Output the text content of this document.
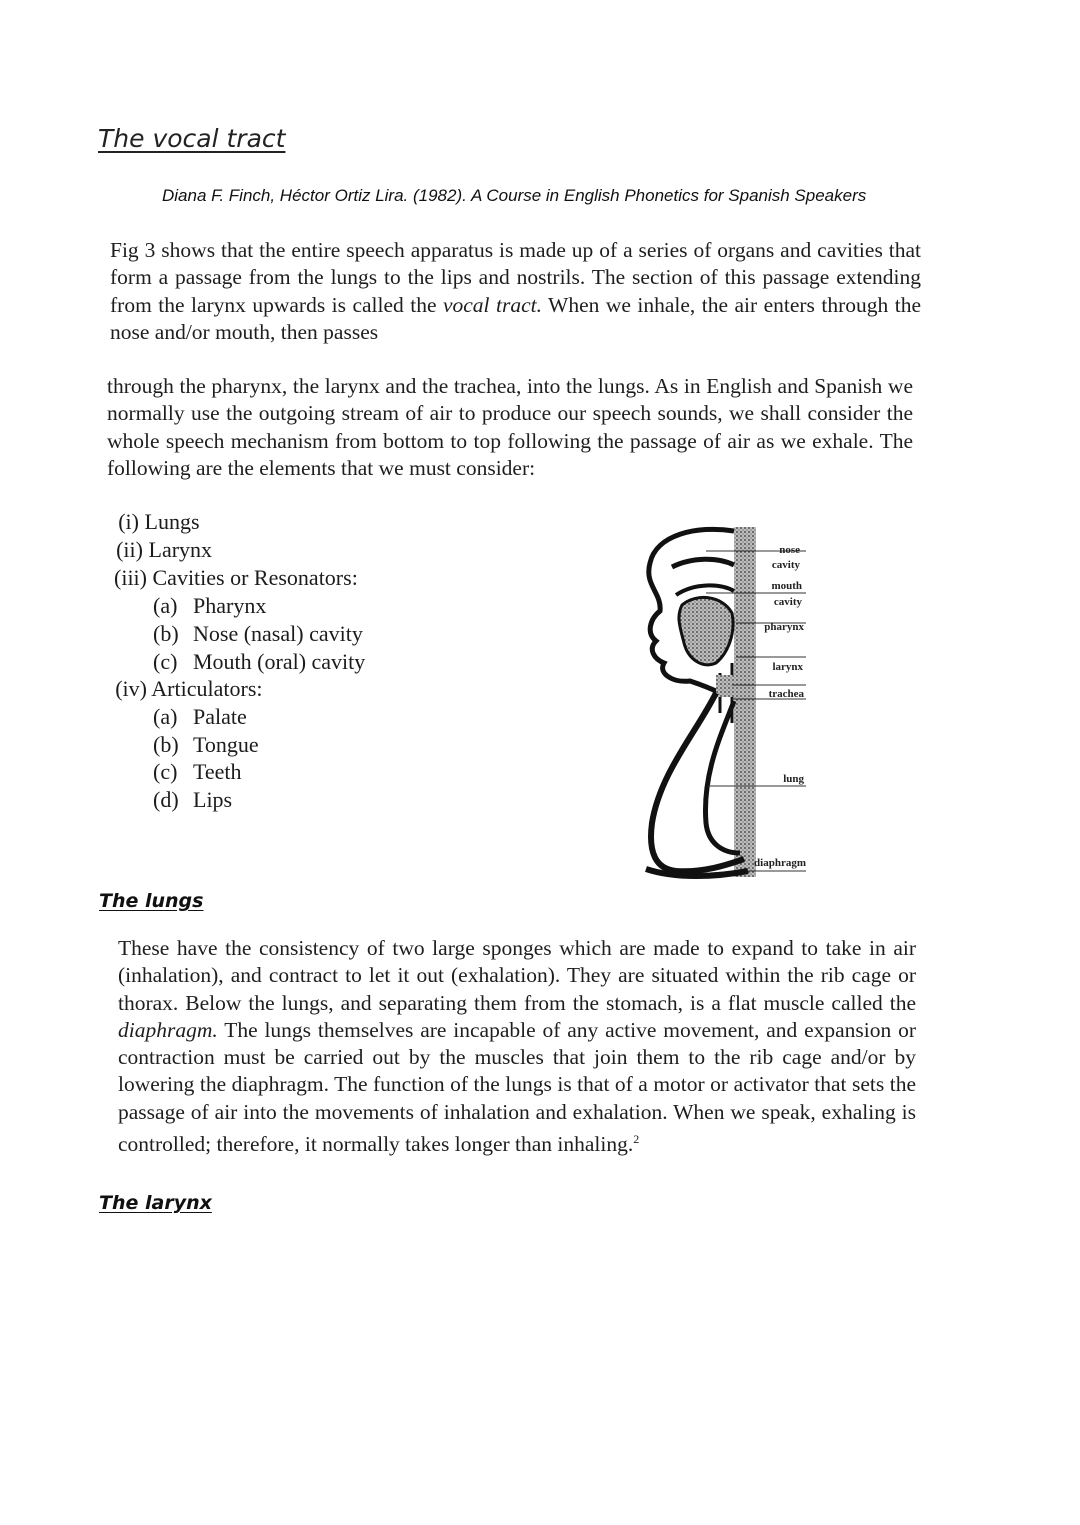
The vocal tract
Diana F. Finch, Héctor Ortiz Lira. (1982). A Course in English Phonetics for Spanish Speakers
Fig 3 shows that the entire speech apparatus is made up of a series of organs and cavities that form a passage from the lungs to the lips and nostrils. The section of this passage extending from the larynx upwards is called the vocal tract. When we inhale, the air enters through the nose and/or mouth, then passes
through the pharynx, the larynx and the trachea, into the lungs. As in English and Spanish we normally use the outgoing stream of air to produce our speech sounds, we shall consider the whole speech mechanism from bottom to top following the passage of air as we exhale. The following are the elements that we must consider:
(i) Lungs
(ii) Larynx
(iii) Cavities or Resonators:
(a) Pharynx
(b) Nose (nasal) cavity
(c) Mouth (oral) cavity
(iv) Articulators:
(a) Palate
(b) Tongue
(c) Teeth
(d) Lips
nose
cavity
mouth
cavity
pharynx
larynx
trachea
lung
diaphragm
The lungs
These have the consistency of two large sponges which are made to expand to take in air (inhalation), and contract to let it out (exhalation). They are situated within the rib cage or thorax. Below the lungs, and separating them from the stomach, is a flat muscle called the diaphragm. The lungs themselves are incapable of any active movement, and expansion or contraction must be carried out by the muscles that join them to the rib cage and/or by lowering the diaphragm. The function of the lungs is that of a motor or activator that sets the passage of air into the movements of inhalation and exhalation. When we speak, exhaling is controlled; therefore, it normally takes longer than inhaling.$^2$
The larynx
